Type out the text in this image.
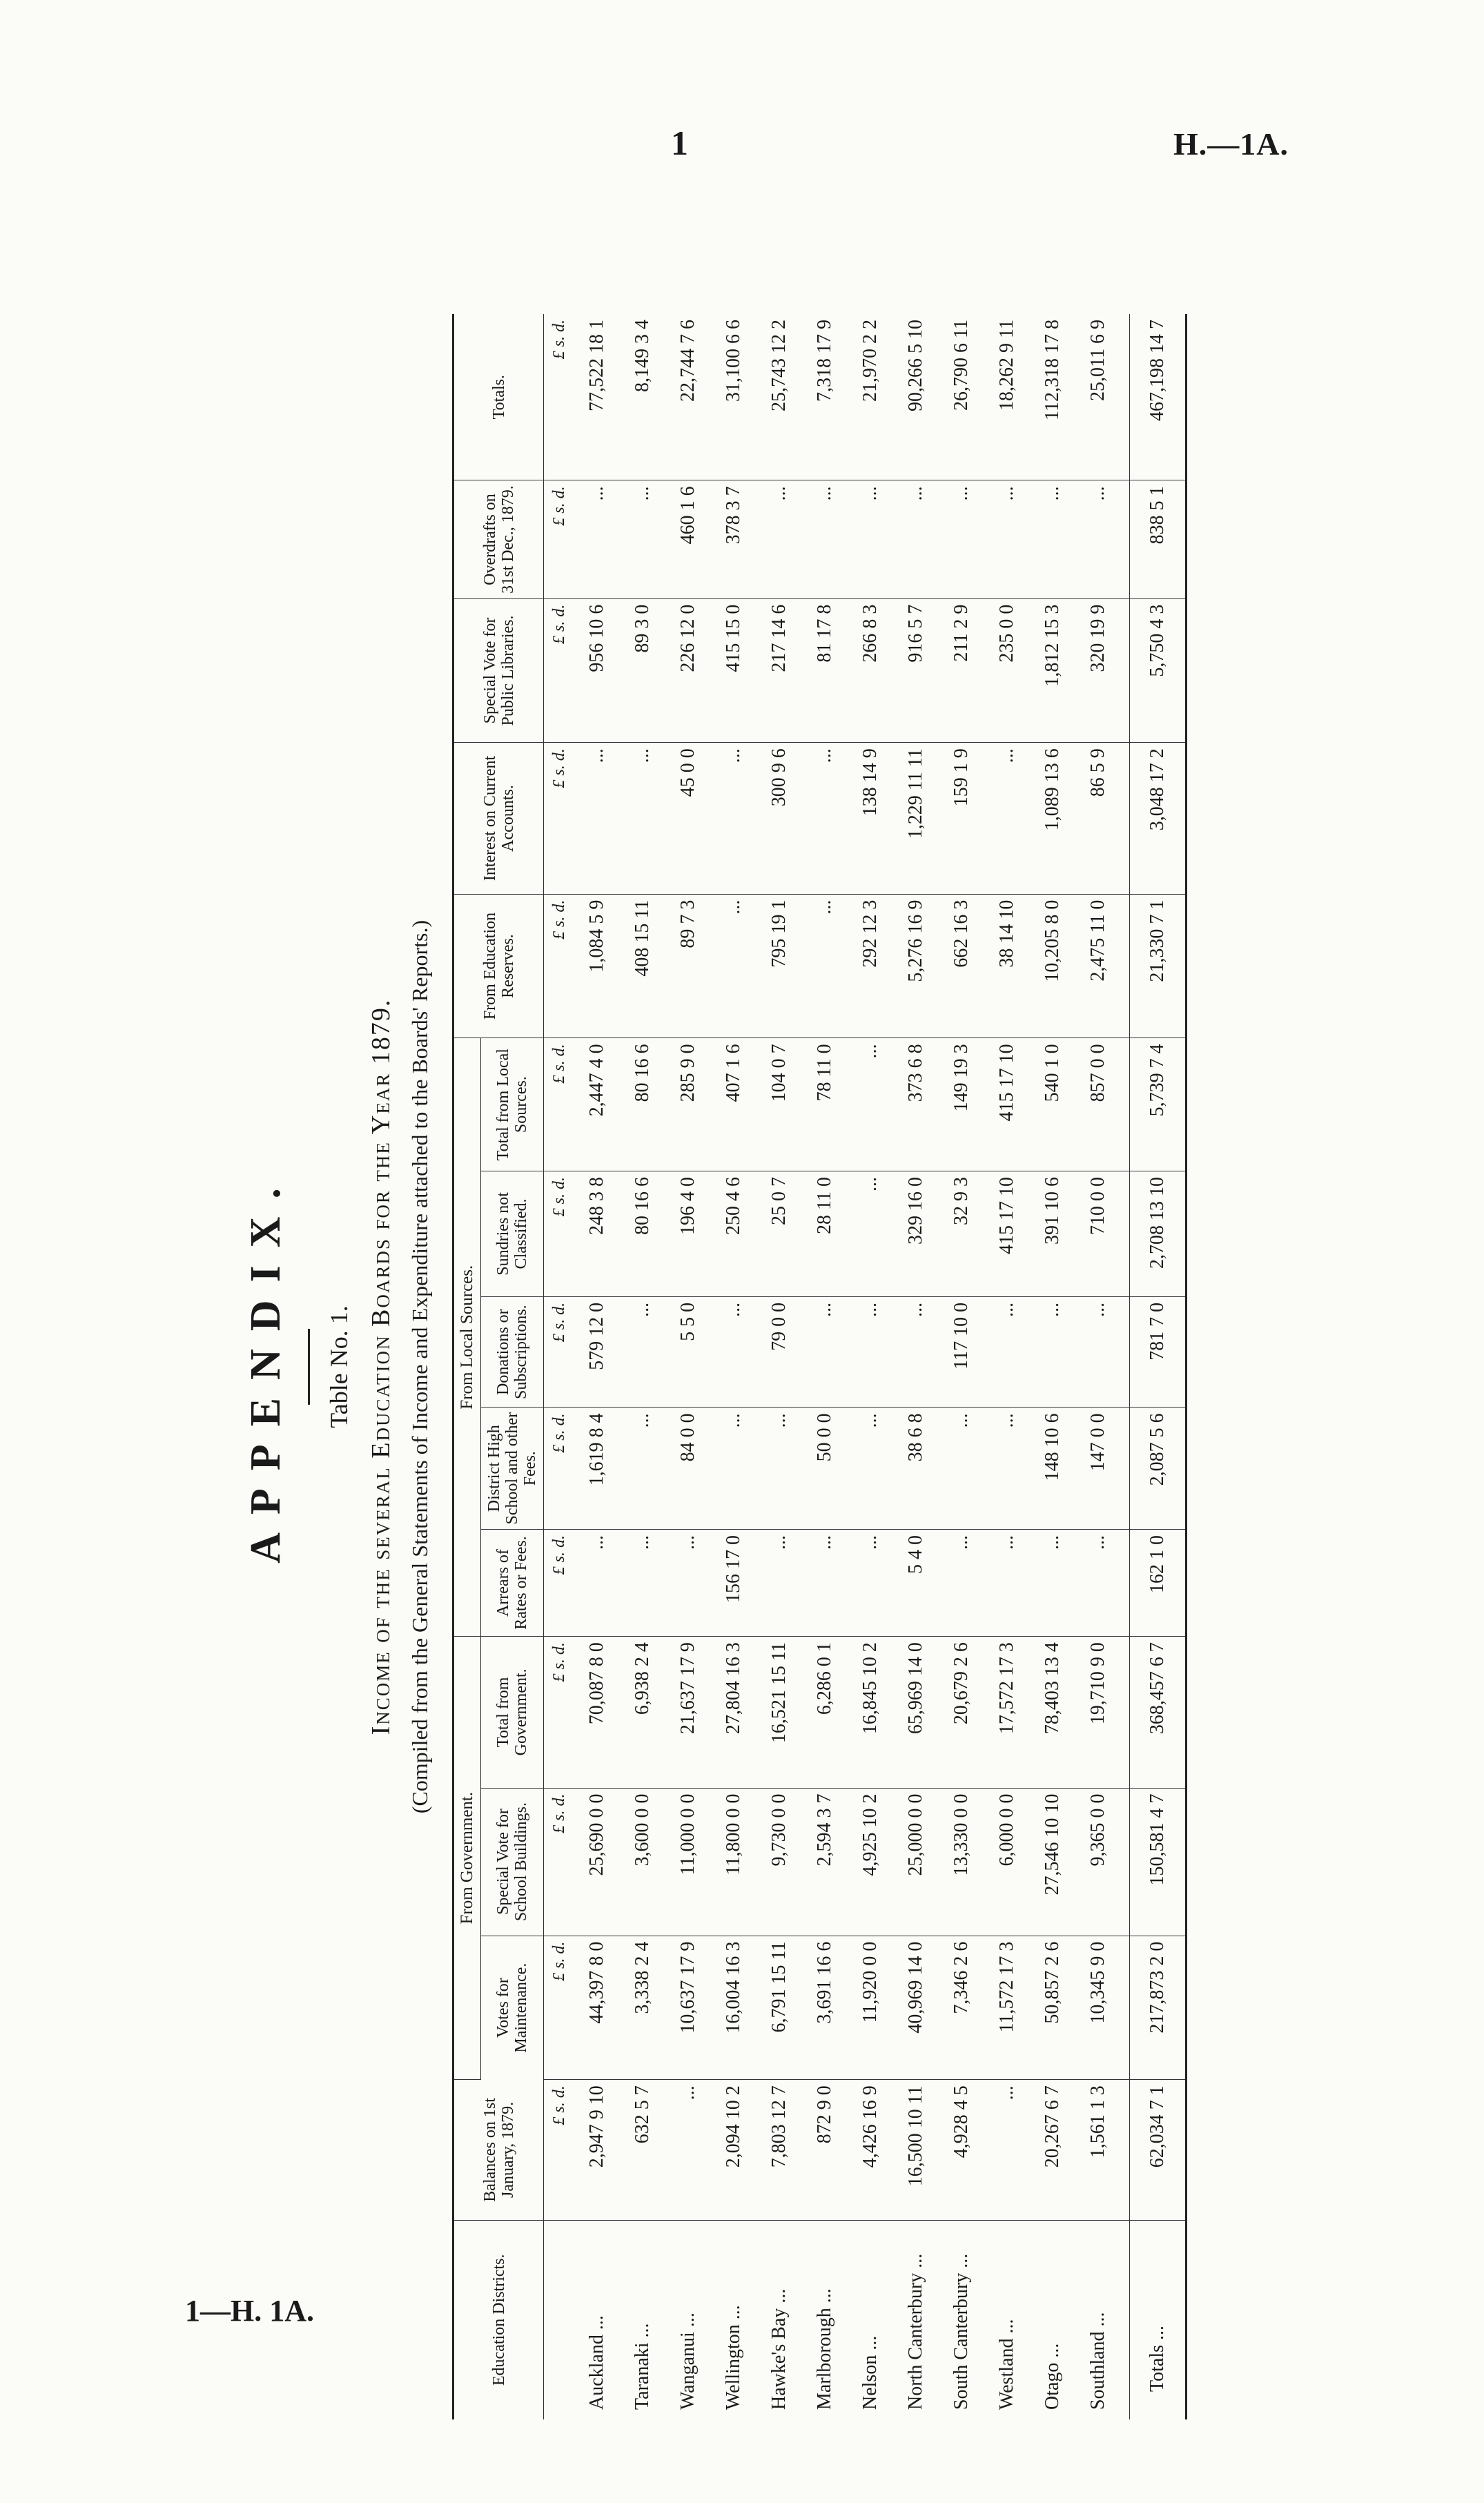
1	H.—1A.
1—H. 1A.
APPENDIX. Table No. 1. Income of the several Education Boards for the Year 1879. (Compiled from the General Statements of Income and Expenditure attached to the Boards' Reports.)
Education Districts.	Balances on 1st January, 1879.	From Government.			From Local Sources.					From Education Reserves.	Interest on Current Accounts.	Special Vote for Public Libraries.	Overdrafts on 31st Dec., 1879.	Totals.
		Votes for Maintenance.	Special Vote for School Buildings.	Total from Government.	Arrears of Rates or Fees.	District High School and other Fees.	Donations or Subscriptions.	Sundries not Classified.	Total from Local Sources.					
	£ s. d.	£ s. d.	£ s. d.	£ s. d.	£ s. d.	£ s. d.	£ s. d.	£ s. d.	£ s. d.	£ s. d.	£ s. d.	£ s. d.	£ s. d.	£ s. d.
Auckland ...	2,947 9 10	44,397 8 0	25,690 0 0	70,087 8 0	...	1,619 8 4	579 12 0	248 3 8	2,447 4 0	1,084 5 9	...	956 10 6	...	77,522 18 1
Taranaki ...	632 5 7	3,338 2 4	3,600 0 0	6,938 2 4	...	...	...	80 16 6	80 16 6	408 15 11	...	89 3 0	...	8,149 3 4
Wanganui ...	...	10,637 17 9	11,000 0 0	21,637 17 9	...	84 0 0	5 5 0	196 4 0	285 9 0	89 7 3	45 0 0	226 12 0	460 1 6	22,744 7 6
Wellington ...	2,094 10 2	16,004 16 3	11,800 0 0	27,804 16 3	156 17 0	...	...	250 4 6	407 1 6	...	...	415 15 0	378 3 7	31,100 6 6
Hawke's Bay ...	7,803 12 7	6,791 15 11	9,730 0 0	16,521 15 11	...	...	79 0 0	25 0 7	104 0 7	795 19 1	300 9 6	217 14 6	...	25,743 12 2
Marlborough ...	872 9 0	3,691 16 6	2,594 3 7	6,286 0 1	...	50 0 0	...	28 11 0	78 11 0	...	...	81 17 8	...	7,318 17 9
Nelson ...	4,426 16 9	11,920 0 0	4,925 10 2	16,845 10 2	...	...	...	...	...	292 12 3	138 14 9	266 8 3	...	21,970 2 2
North Canterbury ...	16,500 10 11	40,969 14 0	25,000 0 0	65,969 14 0	5 4 0	38 6 8	...	329 16 0	373 6 8	5,276 16 9	1,229 11 11	916 5 7	...	90,266 5 10
South Canterbury ...	4,928 4 5	7,346 2 6	13,330 0 0	20,679 2 6	...	...	117 10 0	32 9 3	149 19 3	662 16 3	159 1 9	211 2 9	...	26,790 6 11
Westland ...	...	11,572 17 3	6,000 0 0	17,572 17 3	...	...	...	415 17 10	415 17 10	38 14 10	...	235 0 0	...	18,262 9 11
Otago ...	20,267 6 7	50,857 2 6	27,546 10 10	78,403 13 4	...	148 10 6	...	391 10 6	540 1 0	10,205 8 0	1,089 13 6	1,812 15 3	...	112,318 17 8
Southland ...	1,561 1 3	10,345 9 0	9,365 0 0	19,710 9 0	...	147 0 0	...	710 0 0	857 0 0	2,475 11 0	86 5 9	320 19 9	...	25,011 6 9
Totals ...	62,034 7 1	217,873 2 0	150,581 4 7	368,457 6 7	162 1 0	2,087 5 6	781 7 0	2,708 13 10	5,739 7 4	21,330 7 1	3,048 17 2	5,750 4 3	838 5 1	467,198 14 7
